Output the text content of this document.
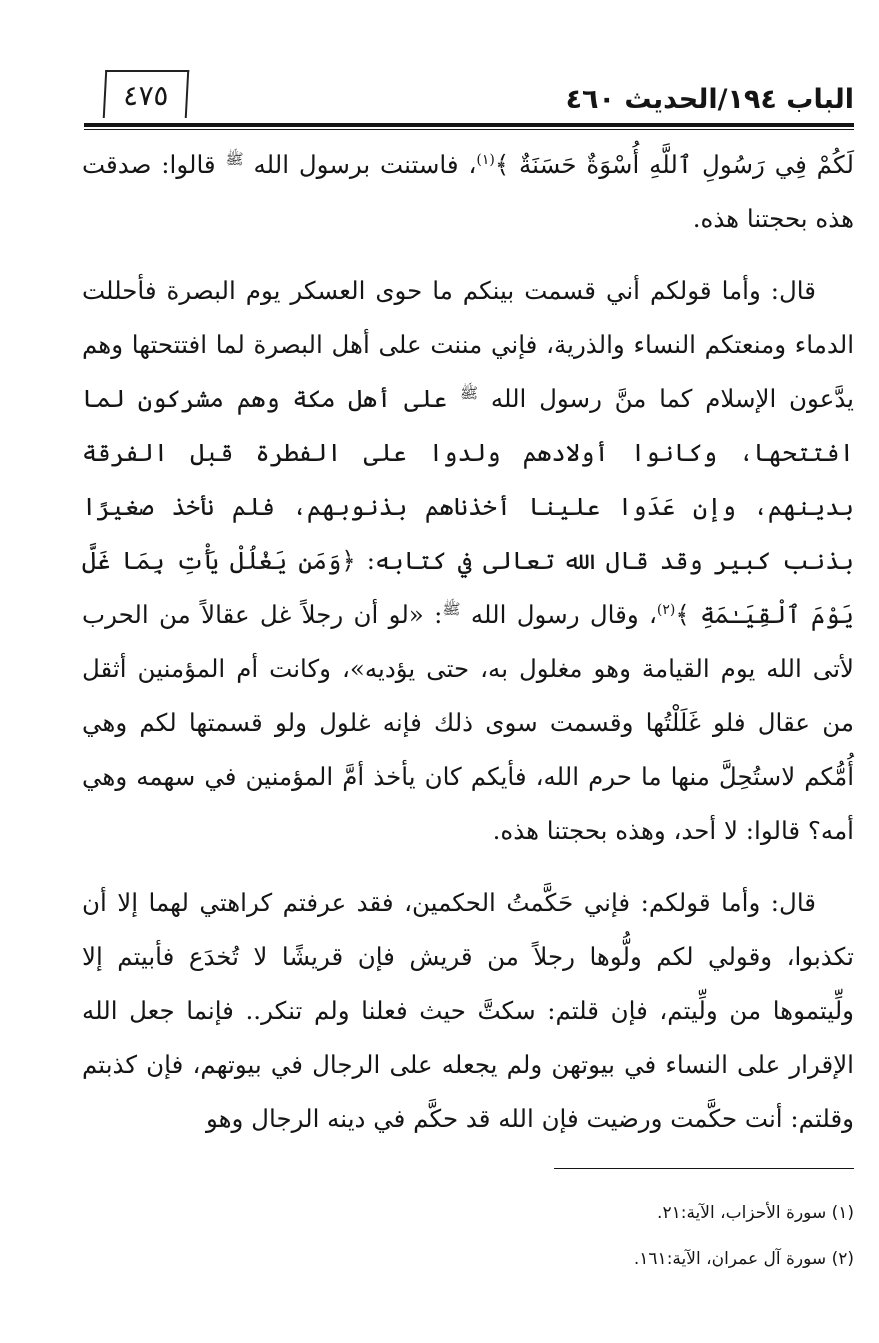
الباب ١٩٤/الحديث ٤٦٠
٤٧٥

لَكُمْ فِي رَسُولِ ٱللَّهِ أُسْوَةٌ حَسَنَةٌ ﴾$^{(١)}$، فاستنت برسول الله $^ﷺ$ قالوا: صدقت هذه بحجتنا هذه.

قال: وأما قولكم أني قسمت بينكم ما حوى العسكر يوم البصرة فأحللت الدماء ومنعتكم النساء والذرية، فإني مننت على أهل البصرة لما افتتحتها وهم يدَّعون الإسلام كما منَّ رسول الله $^ﷺ$ على أهل مكة وهم مشركون لما افتتحها، وكانوا أولادهم ولدوا على الفطرة قبل الفرقة بدينهم، وإن عَدَوا علينا أخذناهم بذنوبهم، فلم نأخذ صغيرًا بذنب كبير وقد قال الله تعالى في كتابه: ﴿وَمَن يَغْلُلْ يَأْتِ بِمَا غَلَّ يَوْمَ ٱلْقِيَـٰمَةِ ﴾$^{(٢)}$، وقال رسول الله $^ﷺ$: «لو أن رجلاً غل عقالاً من الحرب لأتى الله يوم القيامة وهو مغلول به، حتى يؤديه»، وكانت أم المؤمنين أثقل من عقال فلو غَلَلْتُها وقسمت سوى ذلك فإنه غلول ولو قسمتها لكم وهي أُمُّكم لاستُحِلَّ منها ما حرم الله، فأيكم كان يأخذ أمَّ المؤمنين في سهمه وهي أمه؟ قالوا: لا أحد، وهذه بحجتنا هذه.

قال: وأما قولكم: فإني حَكَّمتُ الحكمين، فقد عرفتم كراهتي لهما إلا أن تكذبوا، وقولي لكم ولُّوها رجلاً من قريش فإن قريشًا لا تُخدَع فأبيتم إلا ولِّيتموها من ولِّيتم، فإن قلتم: سكتَّ حيث فعلنا ولم تنكر.. فإنما جعل الله الإقرار على النساء في بيوتهن ولم يجعله على الرجال في بيوتهم، فإن كذبتم وقلتم: أنت حكَّمت ورضيت فإن الله قد حكَّم في دينه الرجال وهو

(١) سورة الأحزاب، الآية:٢١.

(٢) سورة آل عمران، الآية:١٦١.
